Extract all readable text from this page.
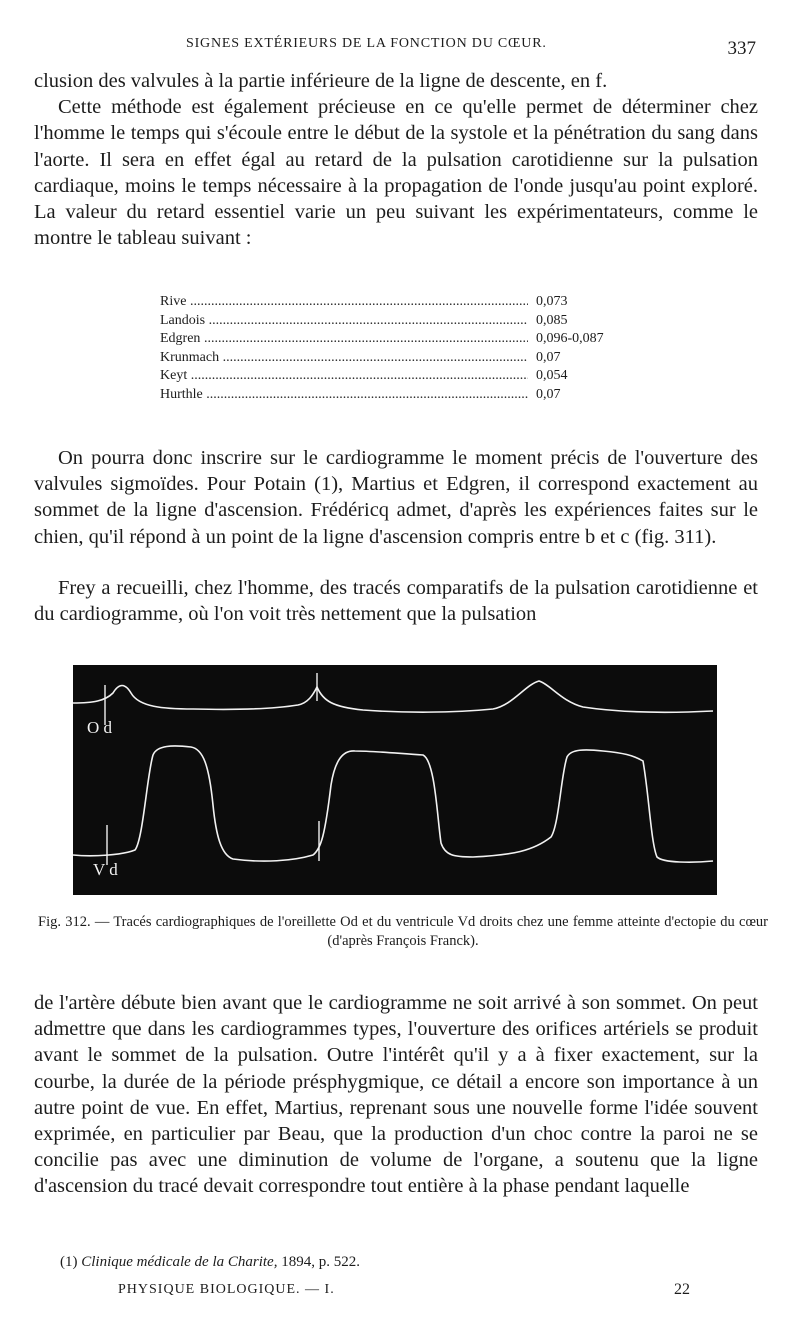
SIGNES EXTÉRIEURS DE LA FONCTION DU CŒUR.	337

clusion des valvules à la partie inférieure de la ligne de descente, en f.
Cette méthode est également précieuse en ce qu'elle permet de déterminer chez l'homme le temps qui s'écoule entre le début de la systole et la pénétration du sang dans l'aorte. Il sera en effet égal au retard de la pulsation carotidienne sur la pulsation cardiaque, moins le temps nécessaire à la propagation de l'onde jusqu'au point exploré. La valeur du retard essentiel varie un peu suivant les expérimentateurs, comme le montre le tableau suivant :

Rive .....	0,073
Landois .....	0,085
Edgren .....	0,096-0,087
Krunmach .....	0,07
Keyt .....	0,054
Hurthle .....	0,07

On pourra donc inscrire sur le cardiogramme le moment précis de l'ouverture des valvules sigmoïdes. Pour Potain (1), Martius et Edgren, il correspond exactement au sommet de la ligne d'ascension. Frédéricq admet, d'après les expériences faites sur le chien, qu'il répond à un point de la ligne d'ascension compris entre b et c (fig. 311).

Frey a recueilli, chez l'homme, des tracés comparatifs de la pulsation carotidienne et du cardiogramme, où l'on voit très nettement que la pulsation

O d
V d
Fig. 312. — Tracés cardiographiques de l'oreillette Od et du ventricule Vd droits chez une femme atteinte d'ectopie du cœur (d'après François Franck).

de l'artère débute bien avant que le cardiogramme ne soit arrivé à son sommet. On peut admettre que dans les cardiogrammes types, l'ouverture des orifices artériels se produit avant le sommet de la pulsation. Outre l'intérêt qu'il y a à fixer exactement, sur la courbe, la durée de la période présphygmique, ce détail a encore son importance à un autre point de vue. En effet, Martius, reprenant sous une nouvelle forme l'idée souvent exprimée, en particulier par Beau, que la production d'un choc contre la paroi ne se concilie pas avec une diminution de volume de l'organe, a soutenu que la ligne d'ascension du tracé devait correspondre tout entière à la phase pendant laquelle

(1) Clinique médicale de la Charite, 1894, p. 522.
PHYSIQUE BIOLOGIQUE. — I.	22
